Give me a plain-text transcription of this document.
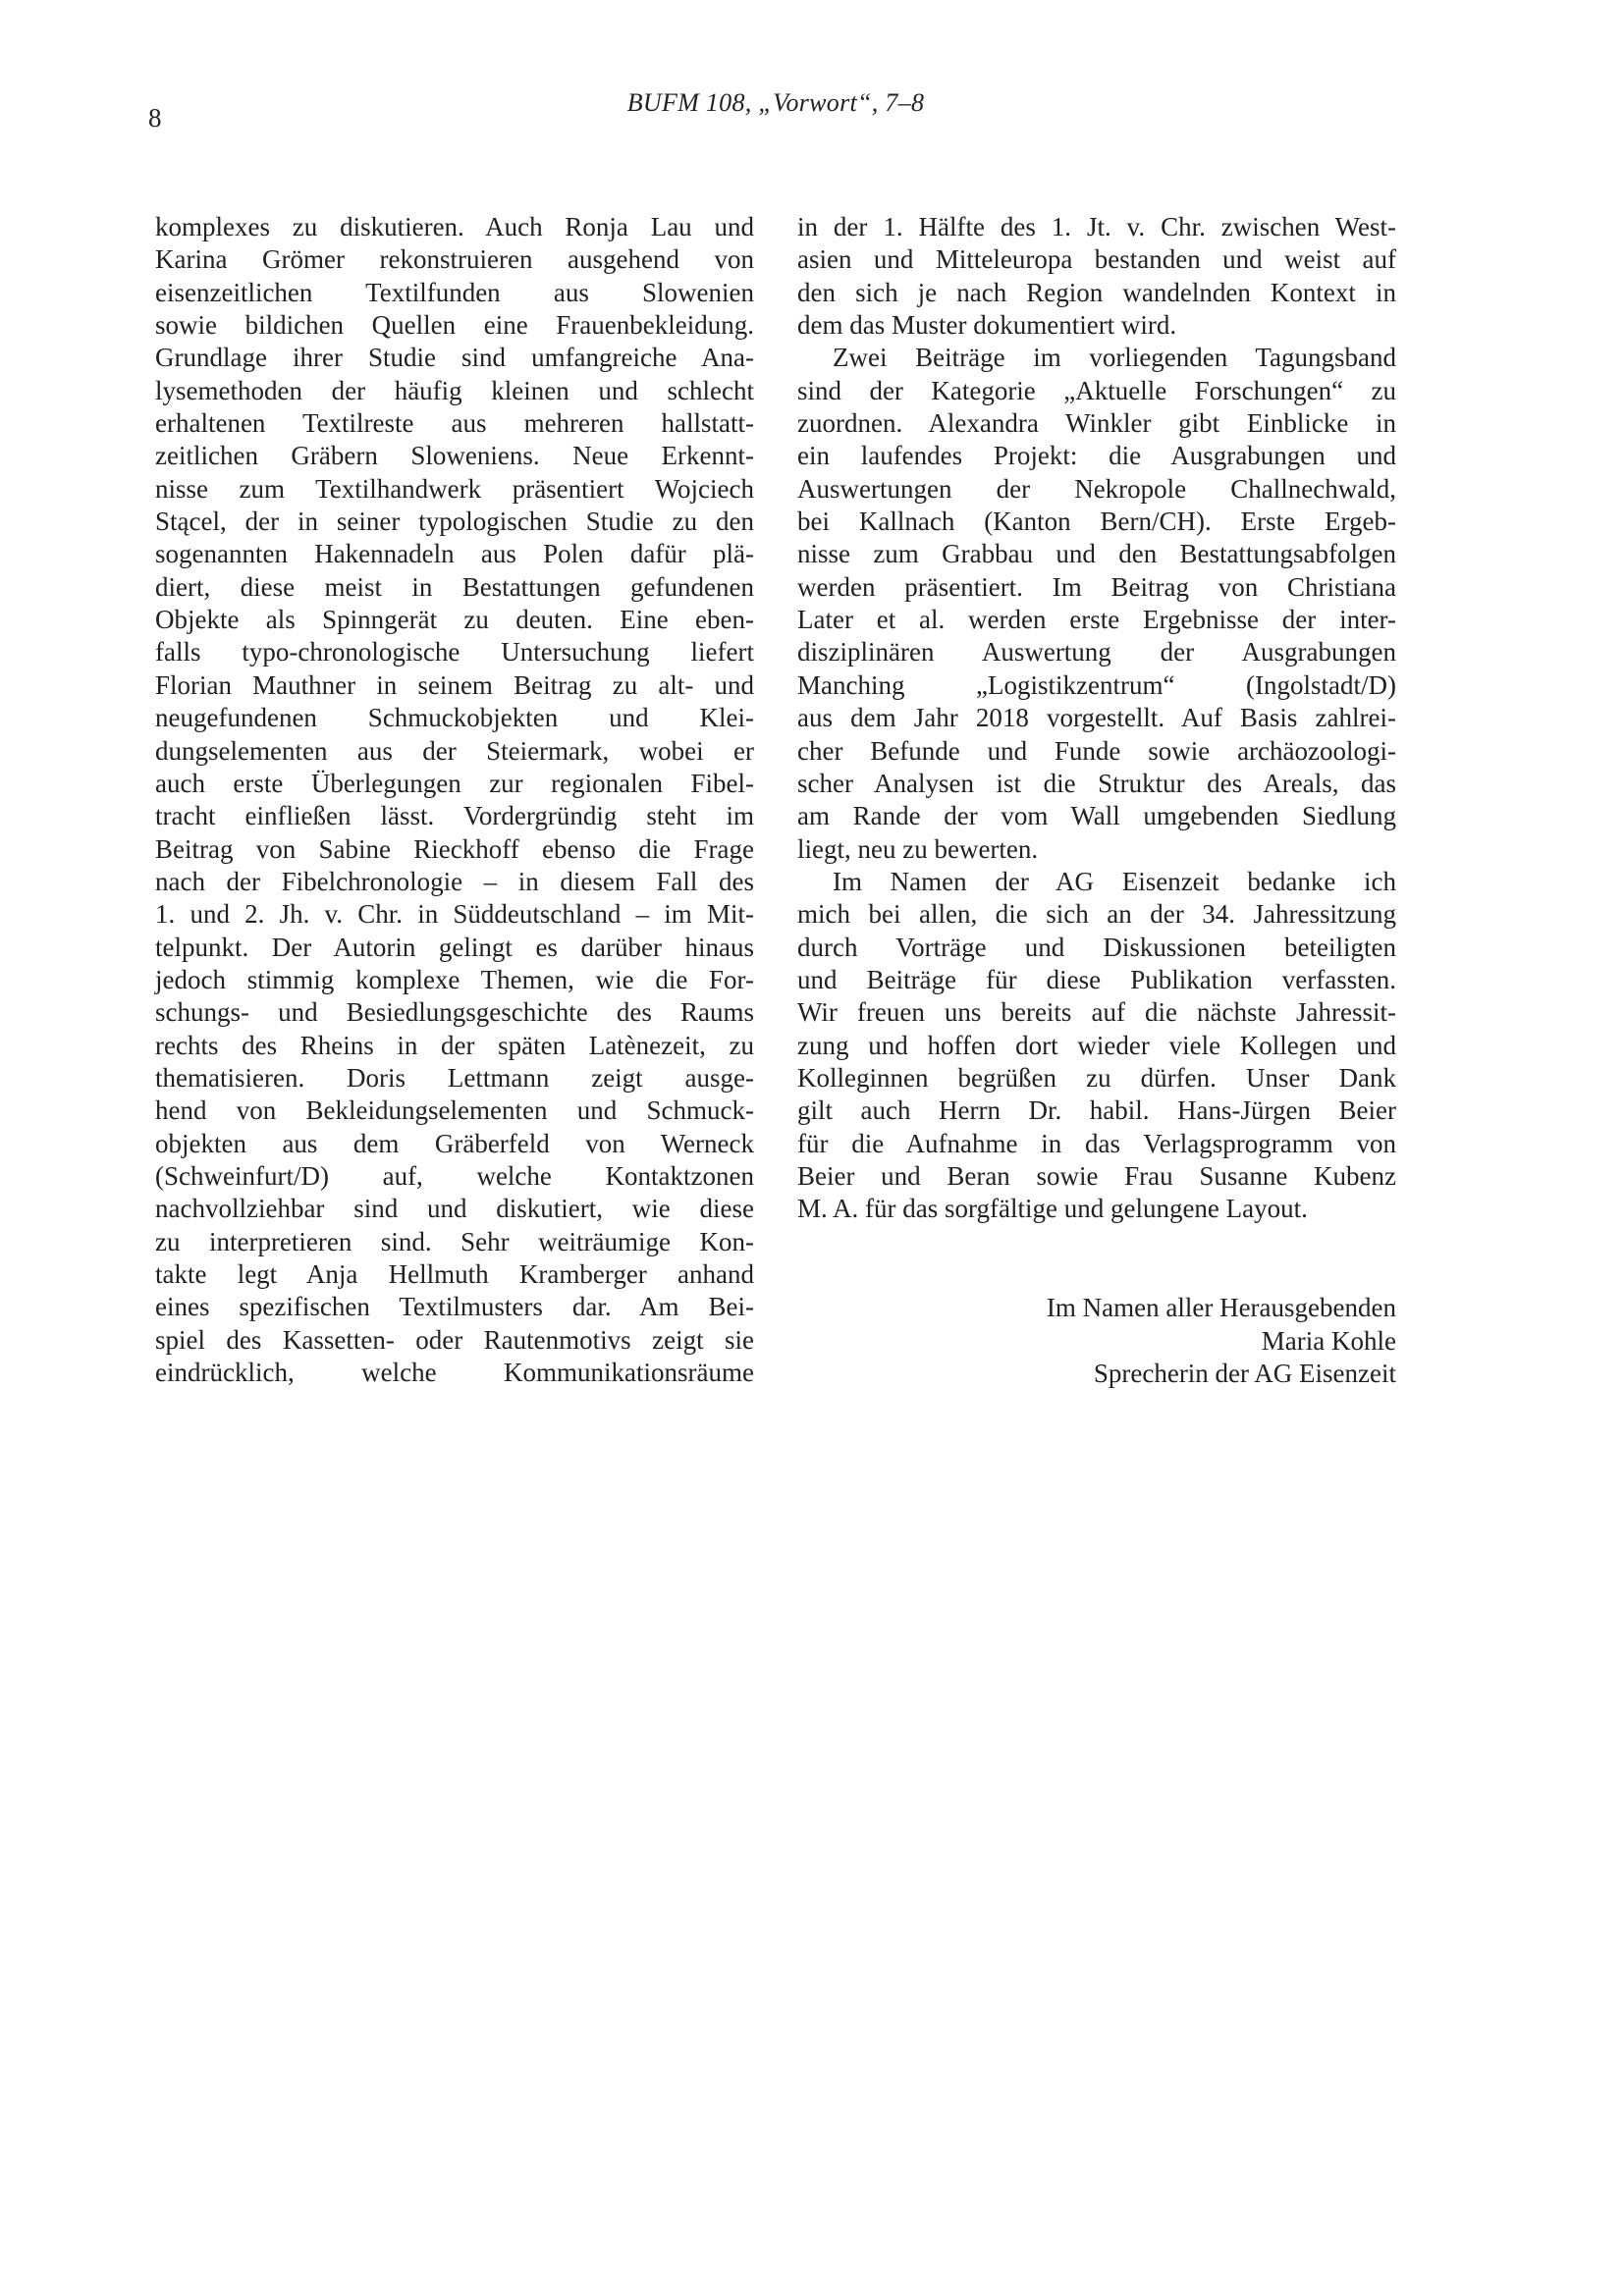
8
BUFM 108, „Vorwort“, 7–8
komplexes zu diskutieren. Auch Ronja Lau und
Karina Grömer rekonstruieren ausgehend von
eisenzeitlichen Textilfunden aus Slowenien
sowie bildichen Quellen eine Frauenbekleidung.
Grundlage ihrer Studie sind umfangreiche Ana-
lysemethoden der häufig kleinen und schlecht
erhaltenen Textilreste aus mehreren hallstatt-
zeitlichen Gräbern Sloweniens. Neue Erkennt-
nisse zum Textilhandwerk präsentiert Wojciech
Stącel, der in seiner typologischen Studie zu den
sogenannten Hakennadeln aus Polen dafür plä-
diert, diese meist in Bestattungen gefundenen
Objekte als Spinngerät zu deuten. Eine eben-
falls typo-chronologische Untersuchung liefert
Florian Mauthner in seinem Beitrag zu alt- und
neugefundenen Schmuckobjekten und Klei-
dungselementen aus der Steiermark, wobei er
auch erste Überlegungen zur regionalen Fibel-
tracht einfließen lässt. Vordergründig steht im
Beitrag von Sabine Rieckhoff ebenso die Frage
nach der Fibelchronologie – in diesem Fall des
1. und 2. Jh. v. Chr. in Süddeutschland – im Mit-
telpunkt. Der Autorin gelingt es darüber hinaus
jedoch stimmig komplexe Themen, wie die For-
schungs- und Besiedlungsgeschichte des Raums
rechts des Rheins in der späten Latènezeit, zu
thematisieren. Doris Lettmann zeigt ausge-
hend von Bekleidungselementen und Schmuck-
objekten aus dem Gräberfeld von Werneck
(Schweinfurt/D) auf, welche Kontaktzonen
nachvollziehbar sind und diskutiert, wie diese
zu interpretieren sind. Sehr weiträumige Kon-
takte legt Anja Hellmuth Kramberger anhand
eines spezifischen Textilmusters dar. Am Bei-
spiel des Kassetten- oder Rautenmotivs zeigt sie
eindrücklich, welche Kommunikationsräume
in der 1. Hälfte des 1. Jt. v. Chr. zwischen West-
asien und Mitteleuropa bestanden und weist auf
den sich je nach Region wandelnden Kontext in
dem das Muster dokumentiert wird.
Zwei Beiträge im vorliegenden Tagungsband
sind der Kategorie „Aktuelle Forschungen“ zu
zuordnen. Alexandra Winkler gibt Einblicke in
ein laufendes Projekt: die Ausgrabungen und
Auswertungen der Nekropole Challnechwald,
bei Kallnach (Kanton Bern/CH). Erste Ergeb-
nisse zum Grabbau und den Bestattungsabfolgen
werden präsentiert. Im Beitrag von Christiana
Later et al. werden erste Ergebnisse der inter-
disziplinären Auswertung der Ausgrabungen
Manching „Logistikzentrum“ (Ingolstadt/D)
aus dem Jahr 2018 vorgestellt. Auf Basis zahlrei-
cher Befunde und Funde sowie archäozoologi-
scher Analysen ist die Struktur des Areals, das
am Rande der vom Wall umgebenden Siedlung
liegt, neu zu bewerten.
Im Namen der AG Eisenzeit bedanke ich
mich bei allen, die sich an der 34. Jahressitzung
durch Vorträge und Diskussionen beteiligten
und Beiträge für diese Publikation verfassten.
Wir freuen uns bereits auf die nächste Jahressit-
zung und hoffen dort wieder viele Kollegen und
Kolleginnen begrüßen zu dürfen. Unser Dank
gilt auch Herrn Dr. habil. Hans-Jürgen Beier
für die Aufnahme in das Verlagsprogramm von
Beier und Beran sowie Frau Susanne Kubenz
M. A. für das sorgfältige und gelungene Layout.
Im Namen aller Herausgebenden
Maria Kohle
Sprecherin der AG Eisenzeit
